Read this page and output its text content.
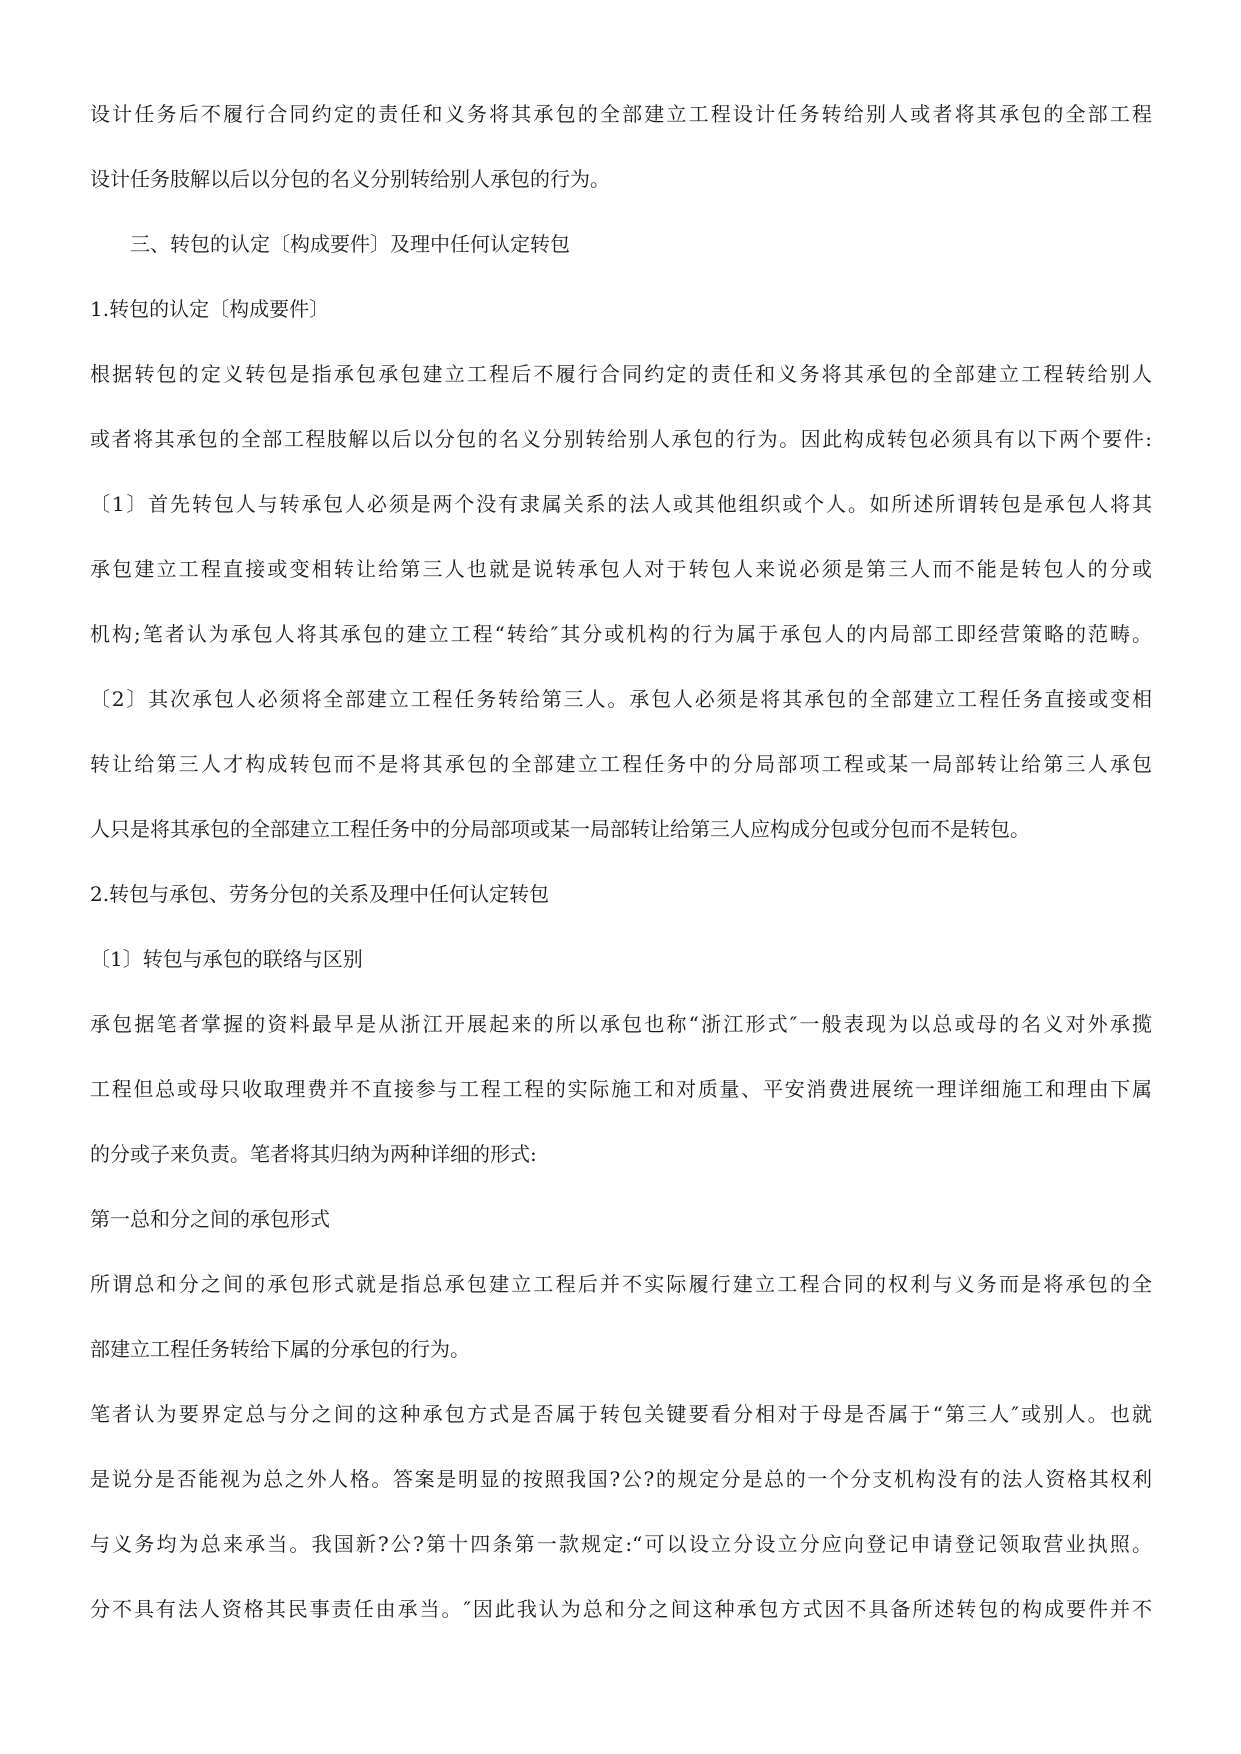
设计任务后不履行合同约定的责任和义务将其承包的全部建立工程设计任务转给别人或者将其承包的全部工程

设计任务肢解以后以分包的名义分别转给别人承包的行为。

三、转包的认定〔构成要件〕及理中任何认定转包

1.转包的认定〔构成要件〕

根据转包的定义转包是指承包承包建立工程后不履行合同约定的责任和义务将其承包的全部建立工程转给别人

或者将其承包的全部工程肢解以后以分包的名义分别转给别人承包的行为。因此构成转包必须具有以下两个要件:

〔1〕首先转包人与转承包人必须是两个没有隶属关系的法人或其他组织或个人。如所述所谓转包是承包人将其

承包建立工程直接或变相转让给第三人也就是说转承包人对于转包人来说必须是第三人而不能是转包人的分或

机构;笔者认为承包人将其承包的建立工程“转给″其分或机构的行为属于承包人的内局部工即经营策略的范畴。

〔2〕其次承包人必须将全部建立工程任务转给第三人。承包人必须是将其承包的全部建立工程任务直接或变相

转让给第三人才构成转包而不是将其承包的全部建立工程任务中的分局部项工程或某一局部转让给第三人承包

人只是将其承包的全部建立工程任务中的分局部项或某一局部转让给第三人应构成分包或分包而不是转包。

2.转包与承包、劳务分包的关系及理中任何认定转包

〔1〕转包与承包的联络与区别

承包据笔者掌握的资料最早是从浙江开展起来的所以承包也称“浙江形式″一般表现为以总或母的名义对外承揽

工程但总或母只收取理费并不直接参与工程工程的实际施工和对质量、平安消费进展统一理详细施工和理由下属

的分或子来负责。笔者将其归纳为两种详细的形式:

第一总和分之间的承包形式

所谓总和分之间的承包形式就是指总承包建立工程后并不实际履行建立工程合同的权利与义务而是将承包的全

部建立工程任务转给下属的分承包的行为。

笔者认为要界定总与分之间的这种承包方式是否属于转包关键要看分相对于母是否属于“第三人″或别人。也就

是说分是否能视为总之外人格。答案是明显的按照我国?公?的规定分是总的一个分支机构没有的法人资格其权利

与义务均为总来承当。我国新?公?第十四条第一款规定:“可以设立分设立分应向登记申请登记领取营业执照。

分不具有法人资格其民事责任由承当。″因此我认为总和分之间这种承包方式因不具备所述转包的构成要件并不
